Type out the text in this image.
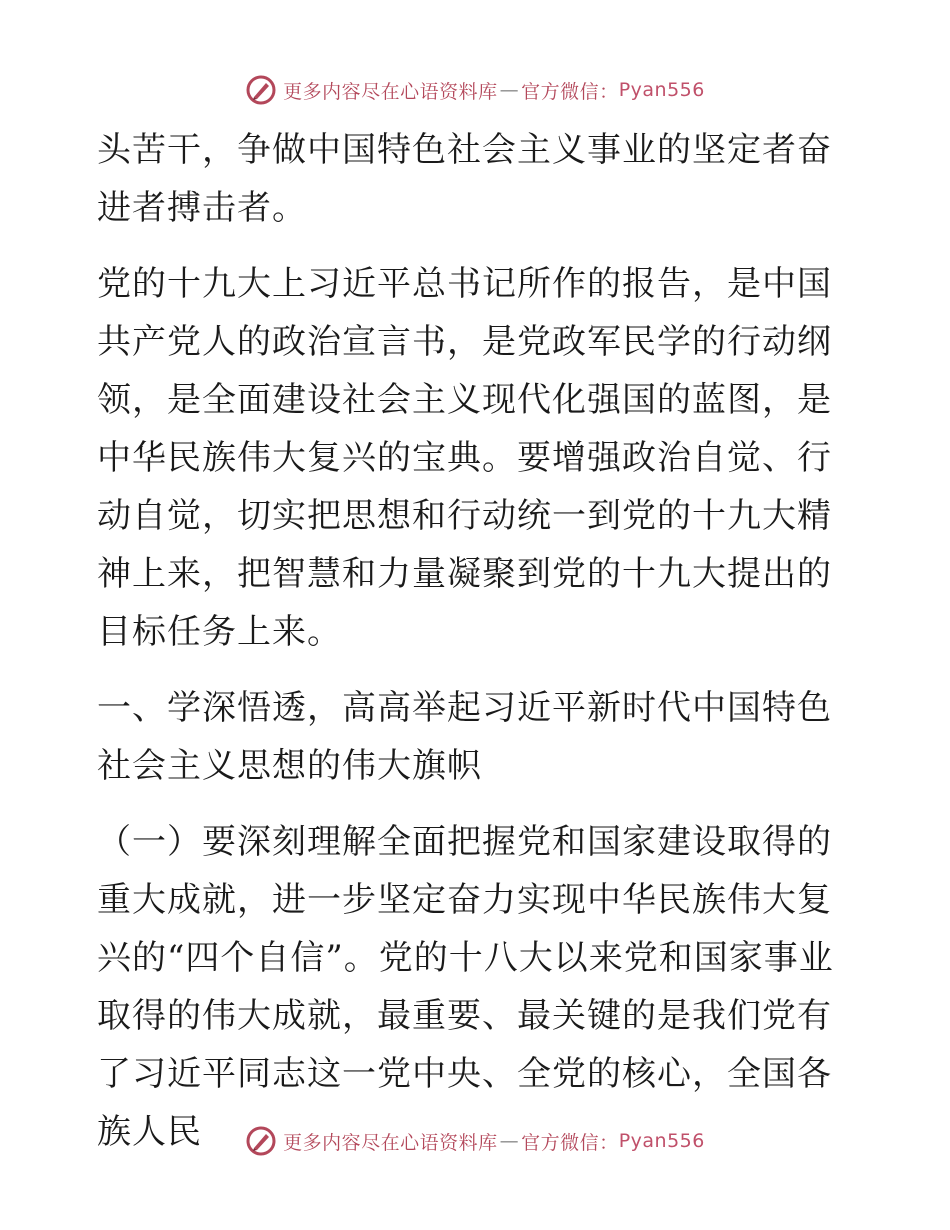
更多内容尽在心语资料库 — 官方微信： Pyan556

头苦干，争做中国特色社会主义事业的坚定者奋进者搏击者。

党的十九大上习近平总书记所作的报告，是中国共产党人的政治宣言书，是党政军民学的行动纲领，是全面建设社会主义现代化强国的蓝图，是中华民族伟大复兴的宝典。要增强政治自觉、行动自觉，切实把思想和行动统一到党的十九大精神上来，把智慧和力量凝聚到党的十九大提出的目标任务上来。

一、学深悟透，高高举起习近平新时代中国特色社会主义思想的伟大旗帜

（一）要深刻理解全面把握党和国家建设取得的重大成就，进一步坚定奋力实现中华民族伟大复兴的“四个自信”。党的十八大以来党和国家事业取得的伟大成就，最重要、最关键的是我们党有了习近平同志这一党中央、全党的核心，全国各族人民	更多内容尽在心语资料库 — 官方微信： Pyan556
